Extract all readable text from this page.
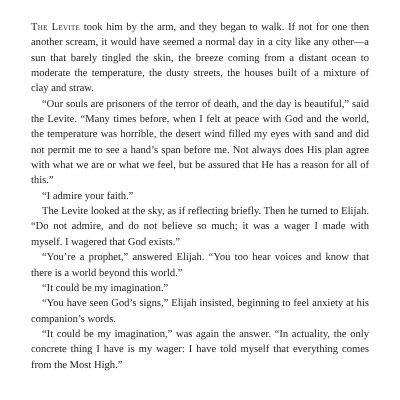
The Levite took him by the arm, and they began to walk. If not for one then another scream, it would have seemed a normal day in a city like any other—a sun that barely tingled the skin, the breeze coming from a distant ocean to moderate the temperature, the dusty streets, the houses built of a mixture of clay and straw.

“Our souls are prisoners of the terror of death, and the day is beautiful,” said the Levite. “Many times before, when I felt at peace with God and the world, the temperature was horrible, the desert wind filled my eyes with sand and did not permit me to see a hand’s span before me. Not always does His plan agree with what we are or what we feel, but be assured that He has a reason for all of this.”

“I admire your faith.”

The Levite looked at the sky, as if reflecting briefly. Then he turned to Elijah. “Do not admire, and do not believe so much; it was a wager I made with myself. I wagered that God exists.”

“You’re a prophet,” answered Elijah. “You too hear voices and know that there is a world beyond this world.”

“It could be my imagination.”

“You have seen God’s signs,” Elijah insisted, beginning to feel anxiety at his companion’s words.

“It could be my imagination,” was again the answer. “In actuality, the only concrete thing I have is my wager: I have told myself that everything comes from the Most High.”
